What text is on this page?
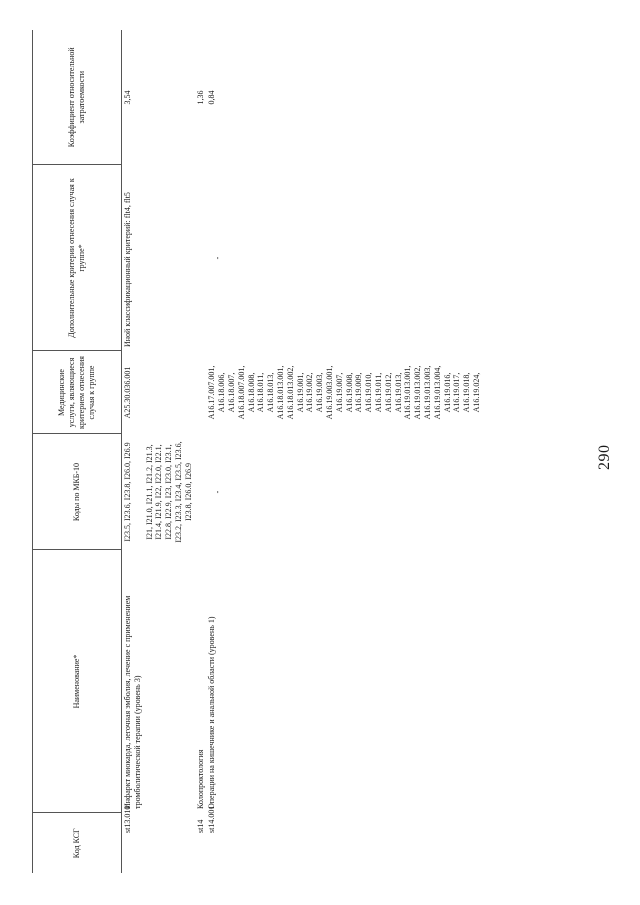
290
Код КСГ	Наименование*	Коды по МКБ-10	Медицинские услуги, являющиеся критерием отнесения случая к группе	Дополнительные критерии отнесения случая к группе*	Коэффициент относительной затратоемкости
st13.010	Инфаркт миокарда, легочная эмболия, лечение с применением тромболитической терапии (уровень 3)	I23.5, I23.6, I23.8, I26.0, I26.9	A25.30.036.001	Иной классификационный критерий: flt4, flt5	3,54
		I21, I21.0, I21.1, I21.2, I21.3, I21.4, I21.9, I22, I22.0, I22.1, I22.8, I22.9, I23, I23.0, I23.1, I23.2, I23.3, I23.4, I23.5, I23.6, I23.8, I26.0, I26.9			
st14	Колопроктология				1,36
st14.001	Операции на кишечнике и анальной области (уровень 1)	-	A16.17.007.001, A16.18.006, A16.18.007, A16.18.007.001, A16.18.008, A16.18.011, A16.18.013, A16.18.013.001, A16.18.013.002, A16.19.001, A16.19.002, A16.19.003, A16.19.003.001, A16.19.007, A16.19.008, A16.19.009, A16.19.010, A16.19.011, A16.19.012, A16.19.013, A16.19.013.001, A16.19.013.002, A16.19.013.003, A16.19.013.004, A16.19.016, A16.19.017, A16.19.018, A16.19.024,	-	0,84
